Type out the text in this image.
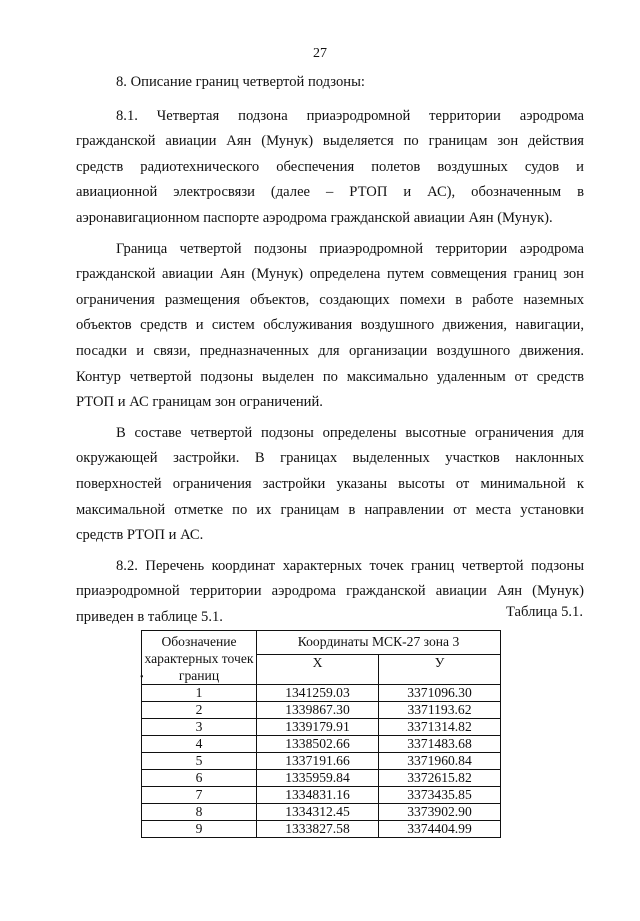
27

8. Описание границ четвертой подзоны:

8.1. Четвертая подзона приаэродромной территории аэродрома гражданской авиации Аян (Мунук) выделяется по границам зон действия средств радиотехнического обеспечения полетов воздушных судов и авиационной электросвязи (далее – РТОП и АС), обозначенным в аэронавигационном паспорте аэродрома гражданской авиации Аян (Мунук).

Граница четвертой подзоны приаэродромной территории аэродрома гражданской авиации Аян (Мунук) определена путем совмещения границ зон ограничения размещения объектов, создающих помехи в работе наземных объектов средств и систем обслуживания воздушного движения, навигации, посадки и связи, предназначенных для организации воздушного движения. Контур четвертой подзоны выделен по максимально удаленным от средств РТОП и АС границам зон ограничений.

В составе четвертой подзоны определены высотные ограничения для окружающей застройки. В границах выделенных участков наклонных поверхностей ограничения застройки указаны высоты от минимальной к максимальной отметке по их границам в направлении от места установки средств РТОП и АС.

8.2. Перечень координат характерных точек границ четвертой подзоны приаэродромной территории аэродрома гражданской авиации Аян (Мунук) приведен в таблице 5.1.	Таблица 5.1.
•
Обозначение характерных точек границ	Координаты МСК-27 зона 3	
	Х	У
1	1341259.03	3371096.30
2	1339867.30	3371193.62
3	1339179.91	3371314.82
4	1338502.66	3371483.68
5	1337191.66	3371960.84
6	1335959.84	3372615.82
7	1334831.16	3373435.85
8	1334312.45	3373902.90
9	1333827.58	3374404.99
